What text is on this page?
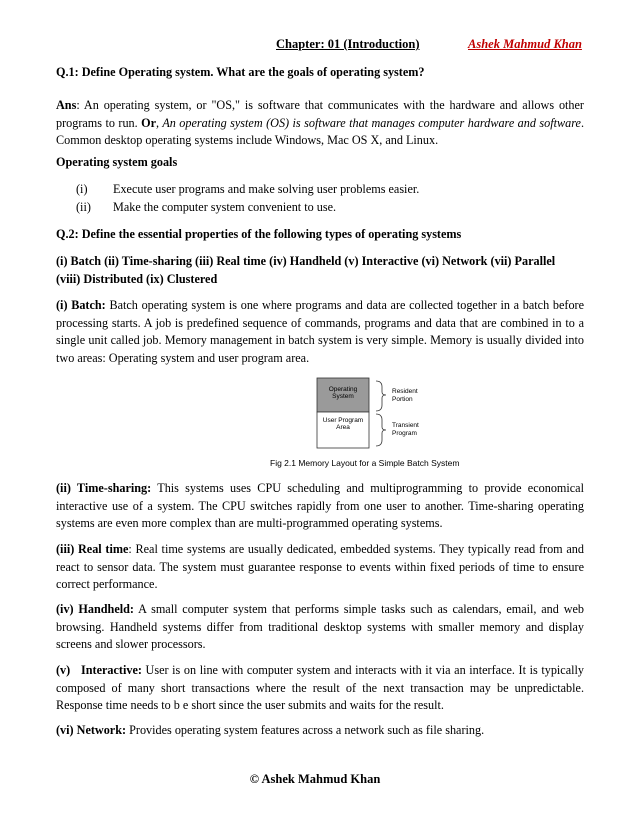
Chapter: 01 (Introduction)	Ashek Mahmud Khan
Q.1: Define Operating system. What are the goals of operating system?
Ans: An operating system, or "OS," is software that communicates with the hardware and allows other programs to run. Or, An operating system (OS) is software that manages computer hardware and software. Common desktop operating systems include Windows, Mac OS X, and Linux.
Operating system goals
(i) Execute user programs and make solving user problems easier.
(ii) Make the computer system convenient to use.
Q.2: Define the essential properties of the following types of operating systems
(i) Batch (ii) Time-sharing (iii) Real time (iv) Handheld (v) Interactive (vi) Network (vii) Parallel
(viii) Distributed (ix) Clustered
(i) Batch: Batch operating system is one where programs and data are collected together in a batch before processing starts. A job is predefined sequence of commands, programs and data that are combined in to a single unit called job. Memory management in batch system is very simple. Memory is usually divided into two areas: Operating system and user program area.
Operating System
User Program Area
Resident Portion
Transient Program
Fig 2.1 Memory Layout for a Simple Batch System
(ii) Time-sharing: This systems uses CPU scheduling and multiprogramming to provide economical interactive use of a system. The CPU switches rapidly from one user to another. Time-sharing operating systems are even more complex than are multi-programmed operating systems.
(iii) Real time: Real time systems are usually dedicated, embedded systems. They typically read from and react to sensor data. The system must guarantee response to events within fixed periods of time to ensure correct performance.
(iv) Handheld: A small computer system that performs simple tasks such as calendars, email, and web browsing. Handheld systems differ from traditional desktop systems with smaller memory and display screens and slower processors.
(v)   Interactive: User is on line with computer system and interacts with it via an interface. It is typically composed of many short transactions where the result of the next transaction may be unpredictable. Response time needs to b e short since the user submits and waits for the result.
(vi) Network: Provides operating system features across a network such as file sharing.
© Ashek Mahmud Khan
